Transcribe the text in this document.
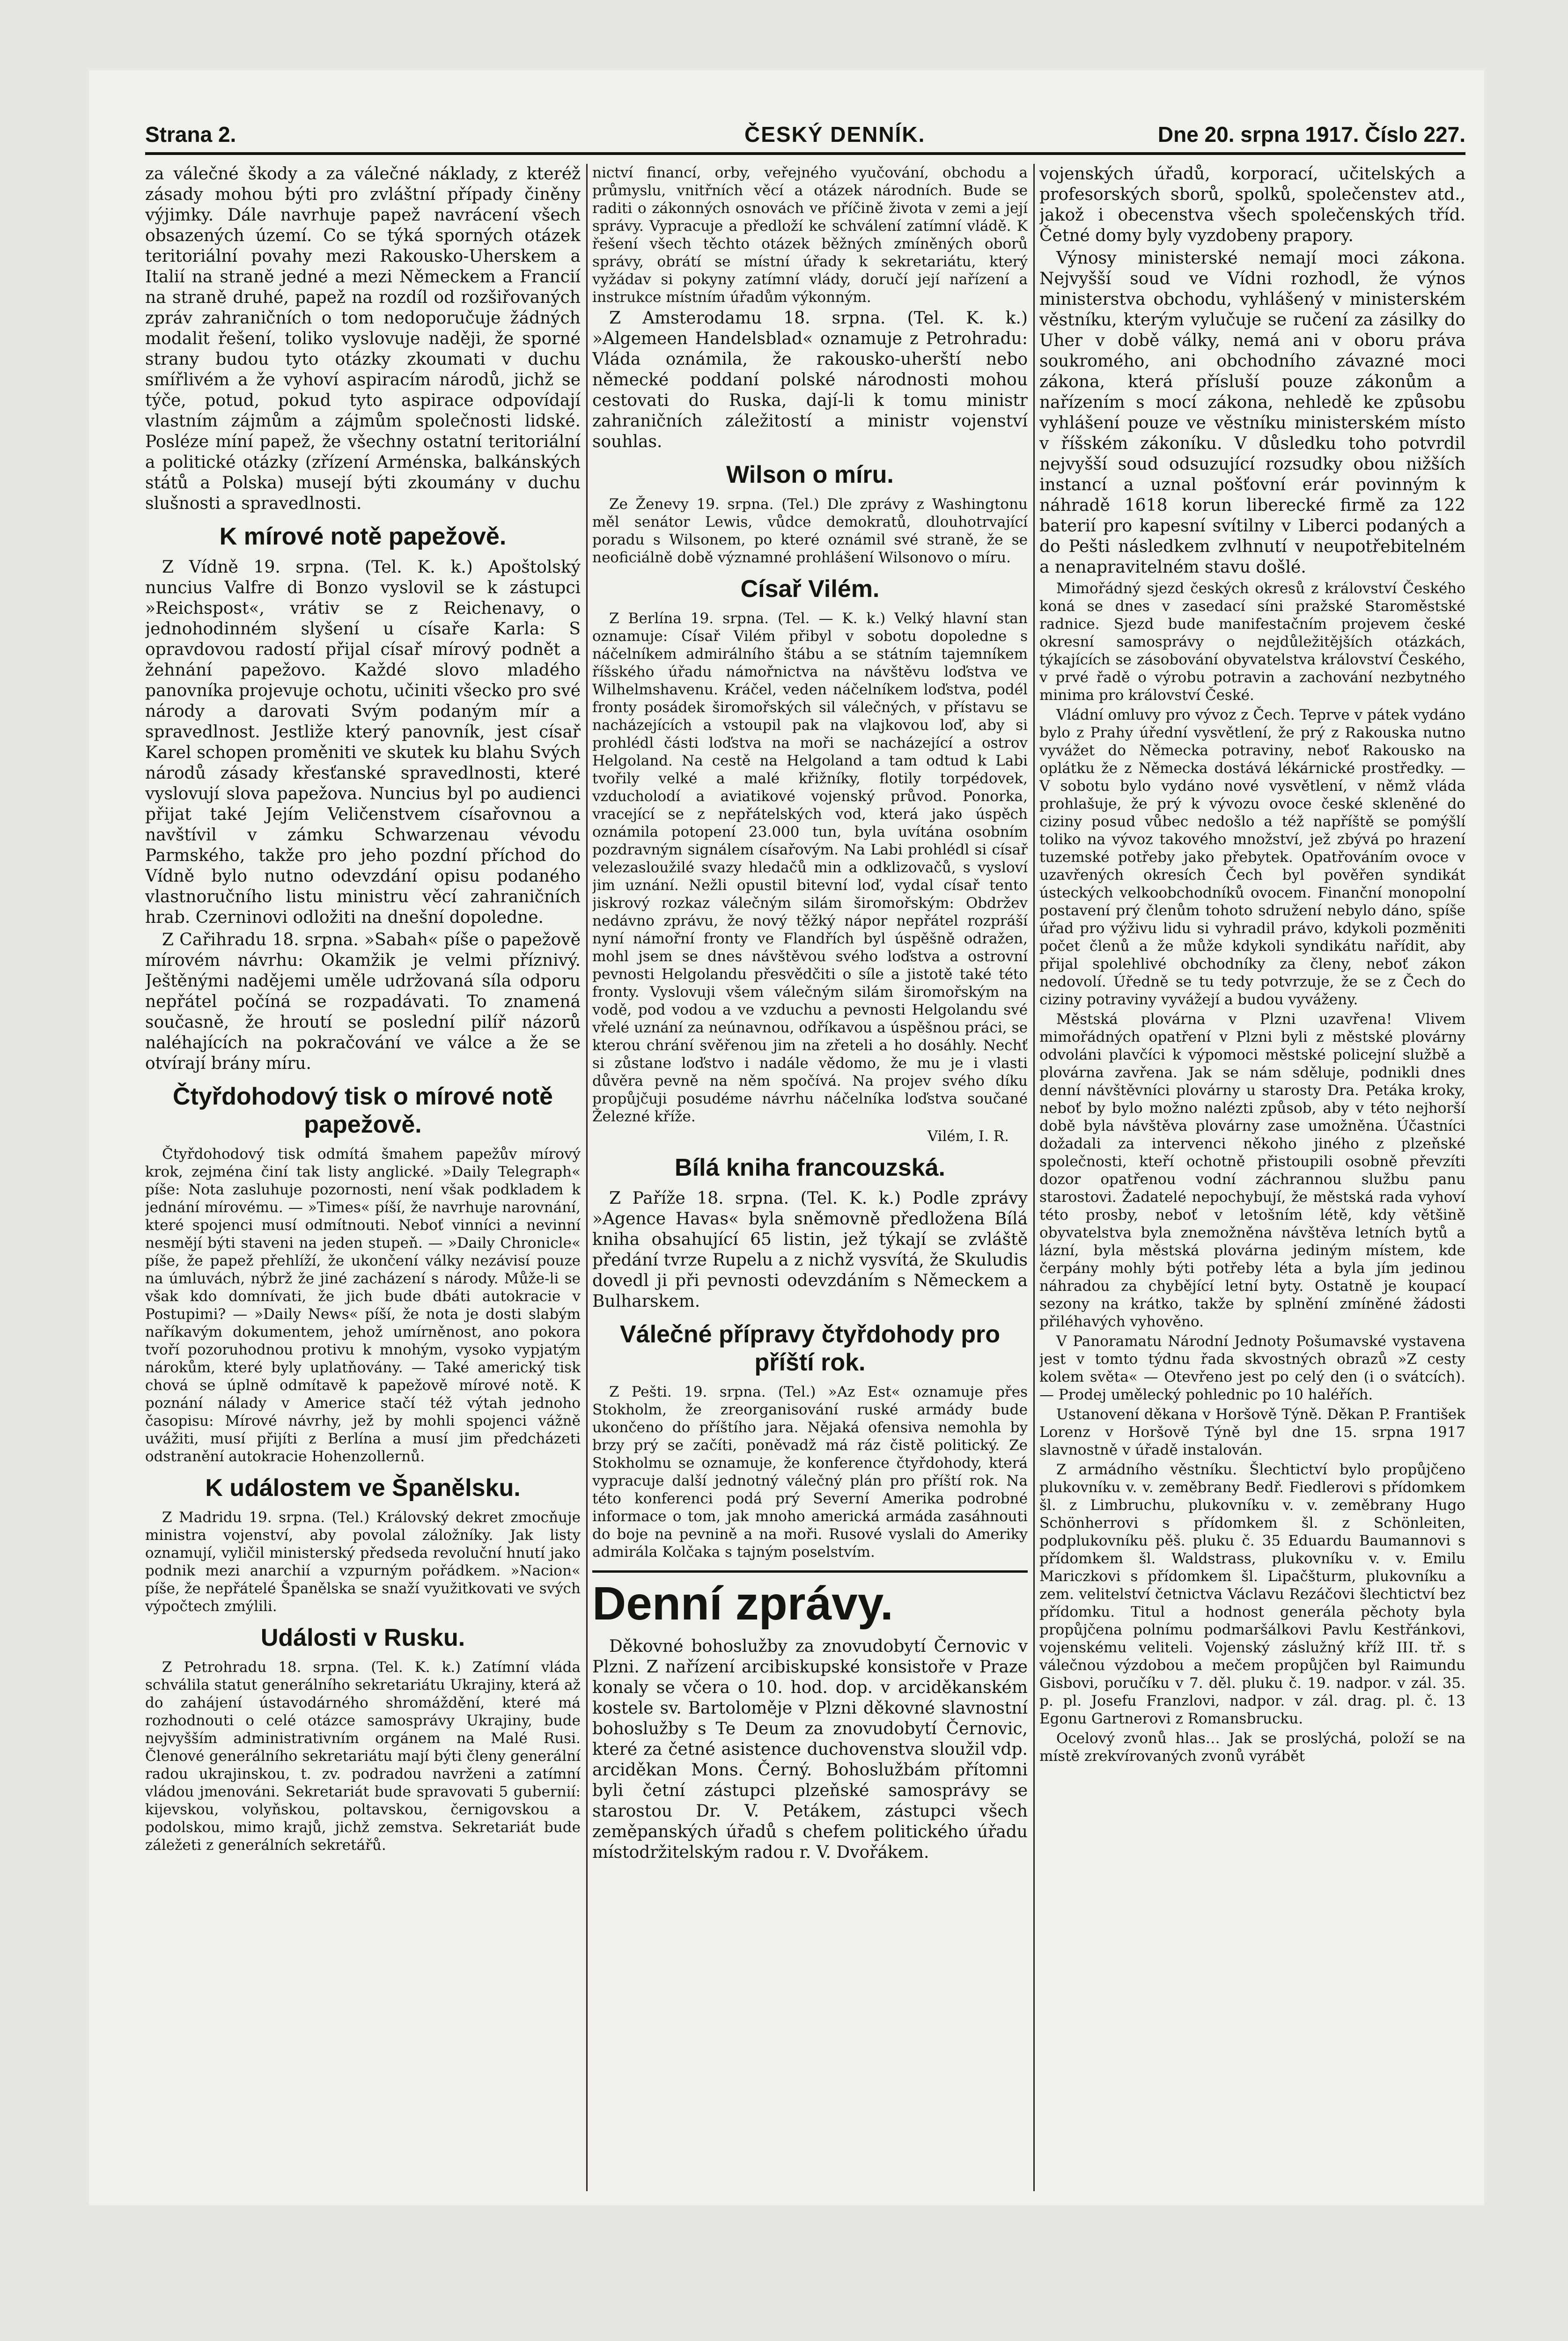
Strana 2.	ČESKÝ DENNÍK.	Dne 20. srpna 1917. Číslo 227.

za válečné škody a za válečné náklady, z kteréž zásady mohou býti pro zvláštní případy činěny výjimky. Dále navrhuje papež navrácení všech obsazených území. Co se týká sporných otázek teritoriální povahy mezi Rakousko-Uherskem a Italií na straně jedné a mezi Německem a Francií na straně druhé, papež na rozdíl od rozšiřovaných zpráv zahraničních o tom nedoporučuje žádných modalit řešení, toliko vyslovuje naději, že sporné strany budou tyto otázky zkoumati v duchu smířlivém a že vyhoví aspiracím národů, jichž se týče, potud, pokud tyto aspirace odpovídají vlastním zájmům a zájmům společnosti lidské. Posléze míní papež, že všechny ostatní teritoriální a politické otázky (zřízení Arménska, balkánských států a Polska) musejí býti zkoumány v duchu slušnosti a spravedlnosti.

K mírové notě papežově.

Z Vídně 19. srpna. (Tel. K. k.) Apoštolský nuncius Valfre di Bonzo vyslovil se k zástupci »Reichspost«, vrátiv se z Reichenavy, o jednohodinném slyšení u císaře Karla: S opravdovou radostí přijal císař mírový podnět a žehnání papežovo. Každé slovo mladého panovníka projevuje ochotu, učiniti všecko pro své národy a darovati Svým podaným mír a spravedlnost. Jestliže který panovník, jest císař Karel schopen proměniti ve skutek ku blahu Svých národů zásady křesťanské spravedlnosti, které vyslovují slova papežova. Nuncius byl po audienci přijat také Jejím Veličenstvem císařovnou a navštívil v zámku Schwarzenau vévodu Parmského, takže pro jeho pozdní příchod do Vídně bylo nutno odevzdání opisu podaného vlastnoručního listu ministru věcí zahraničních hrab. Czerninovi odložiti na dnešní dopoledne.

Z Cařihradu 18. srpna. »Sabah« píše o papežově mírovém návrhu: Okamžik je velmi příznivý. Ještěnými nadějemi uměle udržovaná síla odporu nepřátel počíná se rozpadávati. To znamená současně, že hroutí se poslední pilíř názorů naléhajících na pokračování ve válce a že se otvírají brány míru.

Čtyřdohodový tisk o mírové notě papežově.

Čtyřdohodový tisk odmítá šmahem papežův mírový krok, zejména činí tak listy anglické. »Daily Telegraph« píše: Nota zasluhuje pozornosti, není však podkladem k jednání mírovému. — »Times« píší, že navrhuje narovnání, které spojenci musí odmítnouti. Neboť vinníci a nevinní nesmějí býti staveni na jeden stupeň. — »Daily Chronicle« píše, že papež přehlíží, že ukončení války nezávisí pouze na úmluvách, nýbrž že jiné zacházení s národy. Může-li se však kdo domnívati, že jich bude dbáti autokracie v Postupimi? — »Daily News« píší, že nota je dosti slabým naříkavým dokumentem, jehož umírněnost, ano pokora tvoří pozoruhodnou protivu k mnohým, vysoko vypjatým nárokům, které byly uplatňovány. — Také americký tisk chová se úplně odmítavě k papežově mírové notě. K poznání nálady v Americe stačí též výtah jednoho časopisu: Mírové návrhy, jež by mohli spojenci vážně uvážiti, musí přijíti z Berlína a musí jim předcházeti odstranění autokracie Hohenzollernů.

K událostem ve Španělsku.

Z Madridu 19. srpna. (Tel.) Královský dekret zmocňuje ministra vojenství, aby povolal záložníky. Jak listy oznamují, vyličil ministerský předseda revoluční hnutí jako podnik mezi anarchií a vzpurným pořádkem. »Nacion« píše, že nepřátelé Španělska se snaží využitkovati ve svých výpočtech zmýlili.

Události v Rusku.

Z Petrohradu 18. srpna. (Tel. K. k.) Zatímní vláda schválila statut generálního sekretariátu Ukrajiny, která až do zahájení ústavodárného shromáždění, které má rozhodnouti o celé otázce samosprávy Ukrajiny, bude nejvyšším administrativním orgánem na Malé Rusi. Členové generálního sekretariátu mají býti členy generální radou ukrajinskou, t. zv. podradou navrženi a zatímní vládou jmenováni. Sekretariát bude spravovati 5 gubernií: kijevskou, volyňskou, poltavskou, černigovskou a podolskou, mimo krajů, jichž zemstva. Sekretariát bude záležeti z generálních sekretářů.

nictví financí, orby, veřejného vyučování, obchodu a průmyslu, vnitřních věcí a otázek národních. Bude se raditi o zákonných osnovách ve příčině života v zemi a její správy. Vypracuje a předloží ke schválení zatímní vládě. K řešení všech těchto otázek běžných zmíněných oborů správy, obrátí se místní úřady k sekretariátu, který vyžádav si pokyny zatímní vlády, doručí její nařízení a instrukce místním úřadům výkonným.

Z Amsterodamu 18. srpna. (Tel. K. k.) »Algemeen Handelsblad« oznamuje z Petrohradu: Vláda oznámila, že rakousko-uherští nebo německé poddaní polské národnosti mohou cestovati do Ruska, dají-li k tomu ministr zahraničních záležitostí a ministr vojenství souhlas.

Wilson o míru.

Ze Ženevy 19. srpna. (Tel.) Dle zprávy z Washingtonu měl senátor Lewis, vůdce demokratů, dlouhotrvající poradu s Wilsonem, po které oznámil své straně, že se neoficiálně době významné prohlášení Wilsonovo o míru.

Císař Vilém.

Z Berlína 19. srpna. (Tel. — K. k.) Velký hlavní stan oznamuje: Císař Vilém přibyl v sobotu dopoledne s náčelníkem admirálního štábu a se státním tajemníkem říšského úřadu námořnictva na návštěvu loďstva ve Wilhelmshavenu. Kráčel, veden náčelníkem loďstva, podél fronty posádek širomořských sil válečných, v přístavu se nacházejících a vstoupil pak na vlajkovou loď, aby si prohlédl části loďstva na moři se nacházející a ostrov Helgoland. Na cestě na Helgoland a tam odtud k Labi tvořily velké a malé křižníky, flotily torpédovek, vzducholodí a aviatikové vojenský průvod. Ponorka, vracející se z nepřátelských vod, která jako úspěch oznámila potopení 23.000 tun, byla uvítána osobním pozdravným signálem císařovým. Na Labi prohlédl si císař velezasloužilé svazy hledačů min a odklizovačů, s vysloví jim uznání. Nežli opustil bitevní loď, vydal císař tento jiskrový rozkaz válečným silám širomořským: Obdržev nedávno zprávu, že nový těžký nápor nepřátel rozpráší nyní námořní fronty ve Flandřích byl úspěšně odražen, mohl jsem se dnes návštěvou svého loďstva a ostrovní pevnosti Helgolandu přesvědčiti o síle a jistotě také této fronty. Vyslovuji všem válečným silám širomořským na vodě, pod vodou a ve vzduchu a pevnosti Helgolandu své vřelé uznání za neúnavnou, odříkavou a úspěšnou práci, se kterou chrání svěřenou jim na zřeteli a ho dosáhly. Nechť si zůstane loďstvo i nadále vědomo, že mu je i vlasti důvěra pevně na něm spočívá. Na projev svého díku propůjčuji posudéme návrhu náčelníka loďstva součané Železné kříže.

Vilém, I. R.

Bílá kniha francouzská.

Z Paříže 18. srpna. (Tel. K. k.) Podle zprávy »Agence Havas« byla sněmovně předložena Bílá kniha obsahující 65 listin, jež týkají se zvláště předání tvrze Rupelu a z nichž vysvítá, že Skuludis dovedl ji při pevnosti odevzdáním s Německem a Bulharskem.

Válečné přípravy čtyřdohody pro příští rok.

Z Pešti. 19. srpna. (Tel.) »Az Est« oznamuje přes Stokholm, že zreorganisování ruské armády bude ukončeno do příštího jara. Nějaká ofensiva nemohla by brzy prý se začíti, poněvadž má ráz čistě politický. Ze Stokholmu se oznamuje, že konference čtyřdohody, která vypracuje další jednotný válečný plán pro příští rok. Na této konferenci podá prý Severní Amerika podrobné informace o tom, jak mnoho americká armáda zasáhnouti do boje na pevnině a na moři. Rusové vyslali do Ameriky admirála Kolčaka s tajným poselstvím.

Denní zprávy.

Děkovné bohoslužby za znovudobytí Černovic v Plzni. Z nařízení arcibiskupské konsistoře v Praze konaly se včera o 10. hod. dop. v arciděkanském kostele sv. Bartoloměje v Plzni děkovné slavnostní bohoslužby s Te Deum za znovudobytí Černovic, které za četné asistence duchovenstva sloužil vdp. arciděkan Mons. Černý. Bohoslužbám přítomni byli četní zástupci plzeňské samosprávy se starostou Dr. V. Petákem, zástupci všech zeměpanských úřadů s chefem politického úřadu místodržitelským radou r. V. Dvořákem.

vojenských úřadů, korporací, učitelských a profesorských sborů, spolků, společenstev atd., jakož i obecenstva všech společenských tříd. Četné domy byly vyzdobeny prapory.

Výnosy ministerské nemají moci zákona. Nejvyšší soud ve Vídni rozhodl, že výnos ministerstva obchodu, vyhlášený v ministerském věstníku, kterým vylučuje se ručení za zásilky do Uher v době války, nemá ani v oboru práva soukromého, ani obchodního závazné moci zákona, která přísluší pouze zákonům a nařízením s mocí zákona, nehledě ke způsobu vyhlášení pouze ve věstníku ministerském místo v říšském zákoníku. V důsledku toho potvrdil nejvyšší soud odsuzující rozsudky obou nižších instancí a uznal pošťovní erár povinným k náhradě 1618 korun liberecké firmě za 122 baterií pro kapesní svítilny v Liberci podaných a do Pešti následkem zvlhnutí v neupotřebitelném a nenapravitelném stavu došlé.

Mimořádný sjezd českých okresů z království Českého koná se dnes v zasedací síni pražské Staroměstské radnice. Sjezd bude manifestačním projevem české okresní samosprávy o nejdůležitějších otázkách, týkajících se zásobování obyvatelstva království Českého, v prvé řadě o výrobu potravin a zachování nezbytného minima pro království České.

Vládní omluvy pro vývoz z Čech. Teprve v pátek vydáno bylo z Prahy úřední vysvětlení, že prý z Rakouska nutno vyvážet do Německa potraviny, neboť Rakousko na oplátku že z Německa dostává lékárnické prostředky. — V sobotu bylo vydáno nové vysvětlení, v němž vláda prohlašuje, že prý k vývozu ovoce české skleněné do ciziny posud vůbec nedošlo a též napříště se pomýšlí toliko na vývoz takového množství, jež zbývá po hrazení tuzemské potřeby jako přebytek. Opatřováním ovoce v uzavřených okresích Čech byl pověřen syndikát ústeckých velkoobchodníků ovocem. Finanční monopolní postavení prý členům tohoto sdružení nebylo dáno, spíše úřad pro výživu lidu si vyhradil právo, kdykoli pozměniti počet členů a že může kdykoli syndikátu nařídit, aby přijal spolehlivé obchodníky za členy, neboť zákon nedovolí. Úředně se tu tedy potvrzuje, že se z Čech do ciziny potraviny vyvážejí a budou vyváženy.

Městská plovárna v Plzni uzavřena! Vlivem mimořádných opatření v Plzni byli z městské plovárny odvoláni plavčíci k výpomoci městské policejní službě a plovárna zavřena. Jak se nám sděluje, podnikli dnes denní návštěvníci plovárny u starosty Dra. Petáka kroky, neboť by bylo možno nalézti způsob, aby v této nejhorší době byla návštěva plovárny zase umožněna. Účastníci dožadali za intervenci někoho jiného z plzeňské společnosti, kteří ochotně přistoupili osobně převzíti dozor opatřenou vodní záchrannou službu panu starostovi. Žadatelé nepochybují, že městská rada vyhoví této prosby, neboť v letošním létě, kdy většině obyvatelstva byla znemožněna návštěva letních bytů a lázní, byla městská plovárna jediným místem, kde čerpány mohly býti potřeby léta a byla jím jedinou náhradou za chybějící letní byty. Ostatně je koupací sezony na krátko, takže by splnění zmíněné žádosti přiléhavých vyhověno.

V Panoramatu Národní Jednoty Pošumavské vystavena jest v tomto týdnu řada skvostných obrazů »Z cesty kolem světa« — Otevřeno jest po celý den (i o svátcích). — Prodej umělecký pohlednic po 10 haléřích.

Ustanovení děkana v Horšově Týně. Děkan P. František Lorenz v Horšově Týně byl dne 15. srpna 1917 slavnostně v úřadě instalován.

Z armádního věstníku. Šlechtictví bylo propůjčeno plukovníku v. v. zeměbrany Bedř. Fiedlerovi s přídomkem šl. z Limbruchu, plukovníku v. v. zeměbrany Hugo Schönherrovi s přídomkem šl. z Schönleiten, podplukovníku pěš. pluku č. 35 Eduardu Baumannovi s přídomkem šl. Waldstrass, plukovníku v. v. Emilu Mariczkovi s přídomkem šl. Lipačšturm, plukovníku a zem. velitelství četnictva Václavu Rezáčovi šlechtictví bez přídomku. Titul a hodnost generála pěchoty byla propůjčena polnímu podmaršálkovi Pavlu Kestřánkovi, vojenskému veliteli. Vojenský záslužný kříž III. tř. s válečnou výzdobou a mečem propůjčen byl Raimundu Gisbovi, poručíku v 7. děl. pluku č. 19. nadpor. v zál. 35. p. pl. Josefu Franzlovi, nadpor. v zál. drag. pl. č. 13 Egonu Gartnerovi z Romansbrucku.

Ocelový zvonů hlas… Jak se proslýchá, položí se na místě zrekvírovaných zvonů vyrábět
